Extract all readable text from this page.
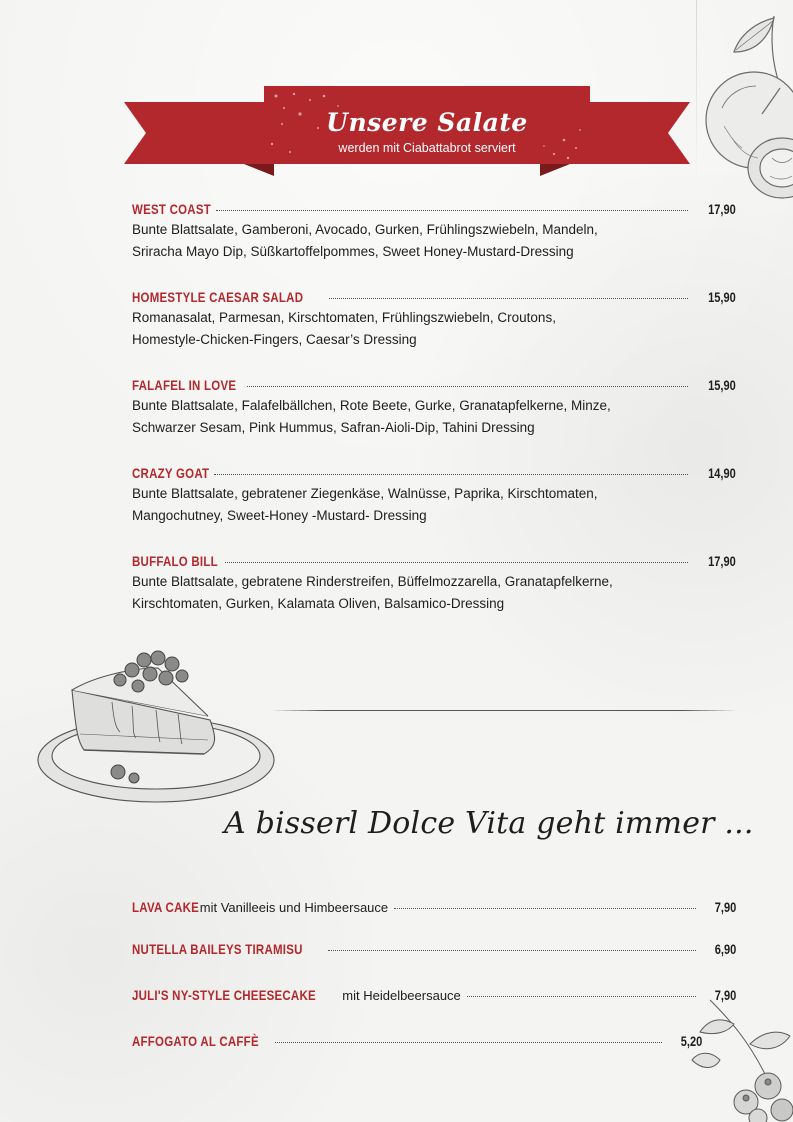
Unsere Salate
werden mit Ciabattabrot serviert
WEST COAST	17,90
Bunte Blattsalate, Gamberoni, Avocado, Gurken, Frühlingszwiebeln, Mandeln,
Sriracha Mayo Dip, Süßkartoffelpommes, Sweet Honey-Mustard-Dressing
HOMESTYLE CAESAR SALAD	15,90
Romanasalat, Parmesan, Kirschtomaten, Frühlingszwiebeln, Croutons,
Homestyle-Chicken-Fingers, Caesar’s Dressing
FALAFEL IN LOVE	15,90
Bunte Blattsalate, Falafelbällchen, Rote Beete, Gurke, Granatapfelkerne, Minze,
Schwarzer Sesam, Pink Hummus, Safran-Aioli-Dip, Tahini Dressing
CRAZY GOAT	14,90
Bunte Blattsalate, gebratener Ziegenkäse, Walnüsse, Paprika, Kirschtomaten,
Mangochutney, Sweet-Honey -Mustard- Dressing
BUFFALO BILL	17,90
Bunte Blattsalate, gebratene Rinderstreifen, Büffelmozzarella, Granatapfelkerne,
Kirschtomaten, Gurken, Kalamata Oliven, Balsamico-Dressing
A bisserl Dolce Vita geht immer ...
LAVA CAKE mit Vanilleeis und Himbeersauce	7,90
NUTELLA BAILEYS TIRAMISU	6,90
JULI'S NY-STYLE CHEESECAKE mit Heidelbeersauce	7,90
AFFOGATO AL CAFFÈ	5,20
